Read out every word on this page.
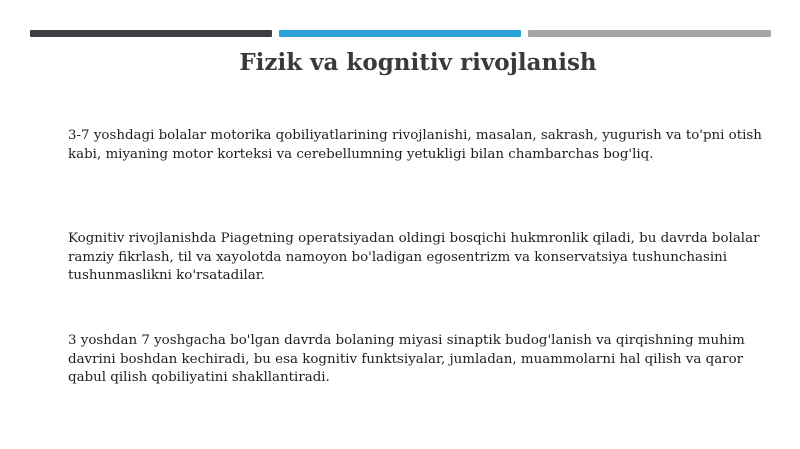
Fizik va kognitiv rivojlanish

3-7 yoshdagi bolalar motorika qobiliyatlarining rivojlanishi, masalan, sakrash, yugurish va to'pni otish kabi, miyaning motor korteksi va cerebellumning yetukligi bilan chambarchas bog'liq.

Kognitiv rivojlanishda Piagetning operatsiyadan oldingi bosqichi hukmronlik qiladi, bu davrda bolalar ramziy fikrlash, til va xayolotda namoyon bo'ladigan egosentrizm va konservatsiya tushunchasini tushunmaslikni ko'rsatadilar.

3 yoshdan 7 yoshgacha bo'lgan davrda bolaning miyasi sinaptik budog'lanish va qirqishning muhim davrini boshdan kechiradi, bu esa kognitiv funktsiyalar, jumladan, muammolarni hal qilish va qaror qabul qilish qobiliyatini shakllantiradi.
